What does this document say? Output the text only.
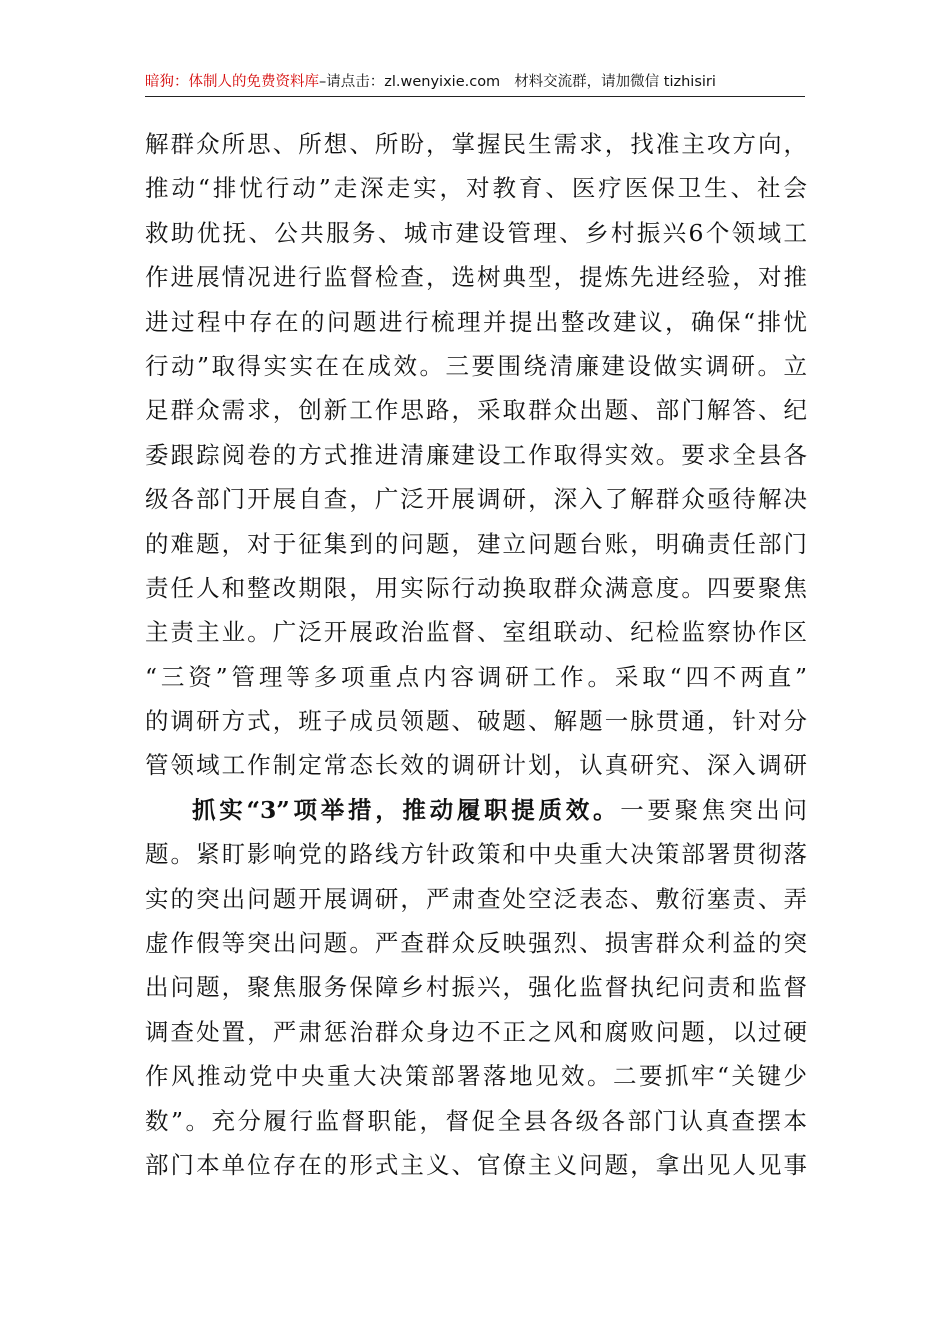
暗狗：体制人的免费资料库–请点击：zl.wenyixie.com 材料交流群，请加微信 tizhisiri
解群众所思、所想、所盼，掌握民生需求，找准主攻方向，
推动“排忧行动”走深走实，对教育、医疗医保卫生、社会
救助优抚、公共服务、城市建设管理、乡村振兴6个领域工
作进展情况进行监督检查，选树典型，提炼先进经验，对推
进过程中存在的问题进行梳理并提出整改建议，确保“排忧
行动”取得实实在在成效。三要围绕清廉建设做实调研。立
足群众需求，创新工作思路，采取群众出题、部门解答、纪
委跟踪阅卷的方式推进清廉建设工作取得实效。要求全县各
级各部门开展自查，广泛开展调研，深入了解群众亟待解决
的难题，对于征集到的问题，建立问题台账，明确责任部门
责任人和整改期限，用实际行动换取群众满意度。四要聚焦
主责主业。广泛开展政治监督、室组联动、纪检监察协作区
“三资”管理等多项重点内容调研工作。采取“四不两直”
的调研方式，班子成员领题、破题、解题一脉贯通，针对分
管领域工作制定常态长效的调研计划，认真研究、深入调研
抓实“3”项举措，推动履职提质效。一要聚焦突出问
题。紧盯影响党的路线方针政策和中央重大决策部署贯彻落
实的突出问题开展调研，严肃查处空泛表态、敷衍塞责、弄
虚作假等突出问题。严查群众反映强烈、损害群众利益的突
出问题，聚焦服务保障乡村振兴，强化监督执纪问责和监督
调查处置，严肃惩治群众身边不正之风和腐败问题，以过硬
作风推动党中央重大决策部署落地见效。二要抓牢“关键少
数”。充分履行监督职能，督促全县各级各部门认真查摆本
部门本单位存在的形式主义、官僚主义问题，拿出见人见事
